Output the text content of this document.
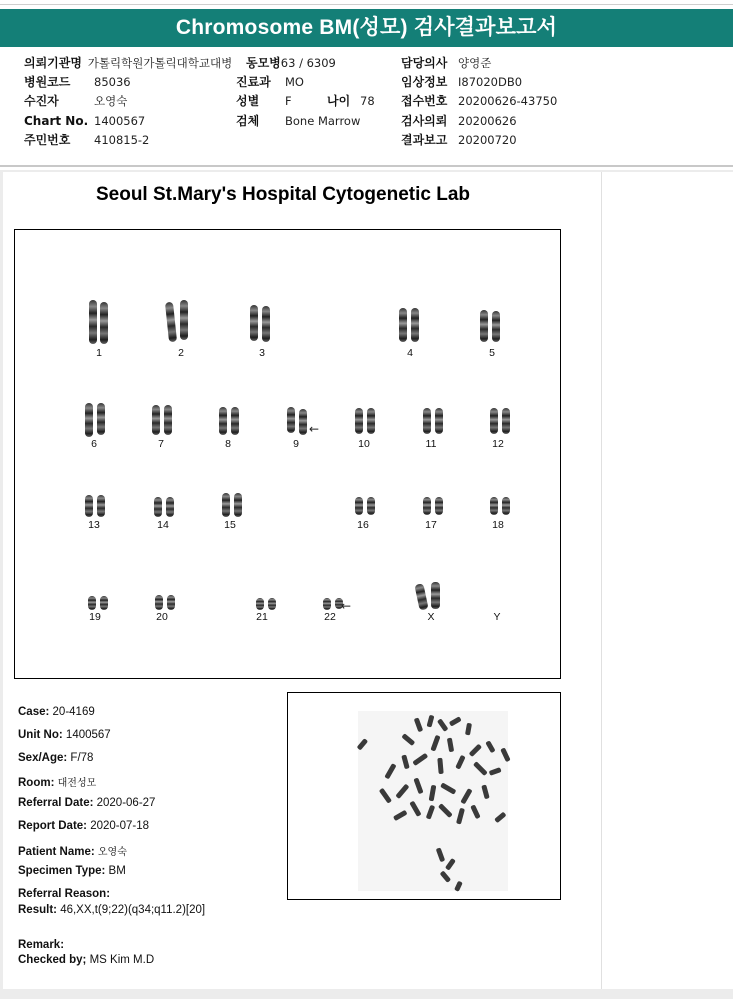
Chromosome BM(성모) 검사결과보고서
의뢰기관명 가톨릭학원가톨릭대학교대병
병원코드 85036
수진자	오영숙
Chart No. 1400567
주민번호 410815-2
동모병63 / 6309
진료과 MO
성별 F	나이 78
검체 Bone Marrow
담당의사 양영준
임상정보 I87020DB0
접수번호 20200626-43750
검사의뢰 20200626
결과보고 20200720
Seoul St.Mary's Hospital Cytogenetic Lab
1	2	3	4	5
6	7	8
←
9	10	11	12
13	14	15	16	17	18
19	20	21
←
22	X	Y
Case: 20-4169
Unit No: 1400567
Sex/Age: F/78
Room: 대전성모
Referral Date: 2020-06-27
Report Date: 2020-07-18
Patient Name: 오영숙
Specimen Type: BM
Referral Reason:
Result: 46,XX,t(9;22)(q34;q11.2)[20]
Remark:
Checked by; MS Kim M.D
